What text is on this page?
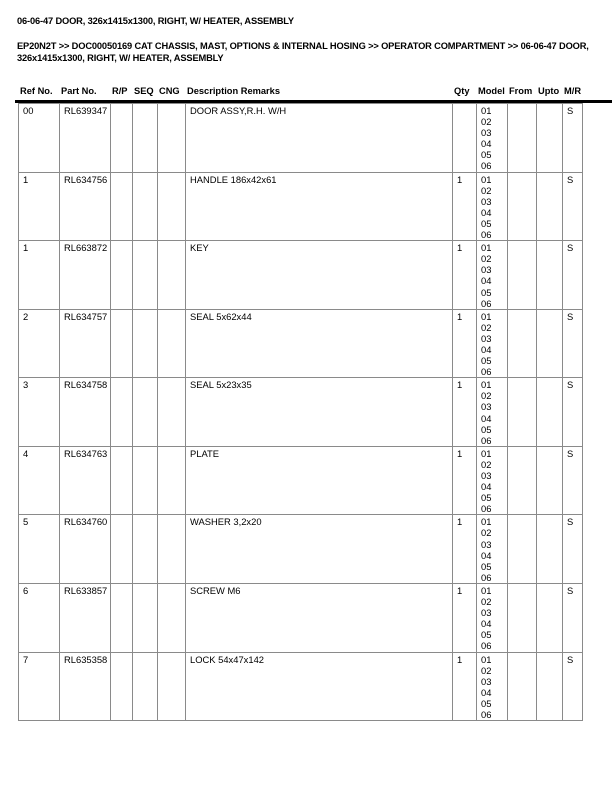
06-06-47 DOOR, 326x1415x1300, RIGHT, W/ HEATER, ASSEMBLY
EP20N2T >> DOC00050169 CAT CHASSIS, MAST, OPTIONS & INTERNAL HOSING >> OPERATOR COMPARTMENT >> 06-06-47 DOOR, 326x1415x1300, RIGHT, W/ HEATER, ASSEMBLY
Ref No.	Part No.	R/P	SEQ	CNG	Description Remarks	Qty	Model	From	Upto	M/R
00	RL639347				DOOR ASSY,R.H. W/H		01
02
03
04
05
06
			S
1	RL634756				HANDLE 186x42x61	1	01
02
03
04
05
06
			S
1	RL663872				KEY	1	01
02
03
04
05
06
			S
2	RL634757				SEAL 5x62x44	1	01
02
03
04
05
06
			S
3	RL634758				SEAL 5x23x35	1	01
02
03
04
05
06
			S
4	RL634763				PLATE	1	01
02
03
04
05
06
			S
5	RL634760				WASHER 3,2x20	1	01
02
03
04
05
06
			S
6	RL633857				SCREW M6	1	01
02
03
04
05
06
			S
7	RL635358				LOCK 54x47x142	1	01
02
03
04
05
06
			S
